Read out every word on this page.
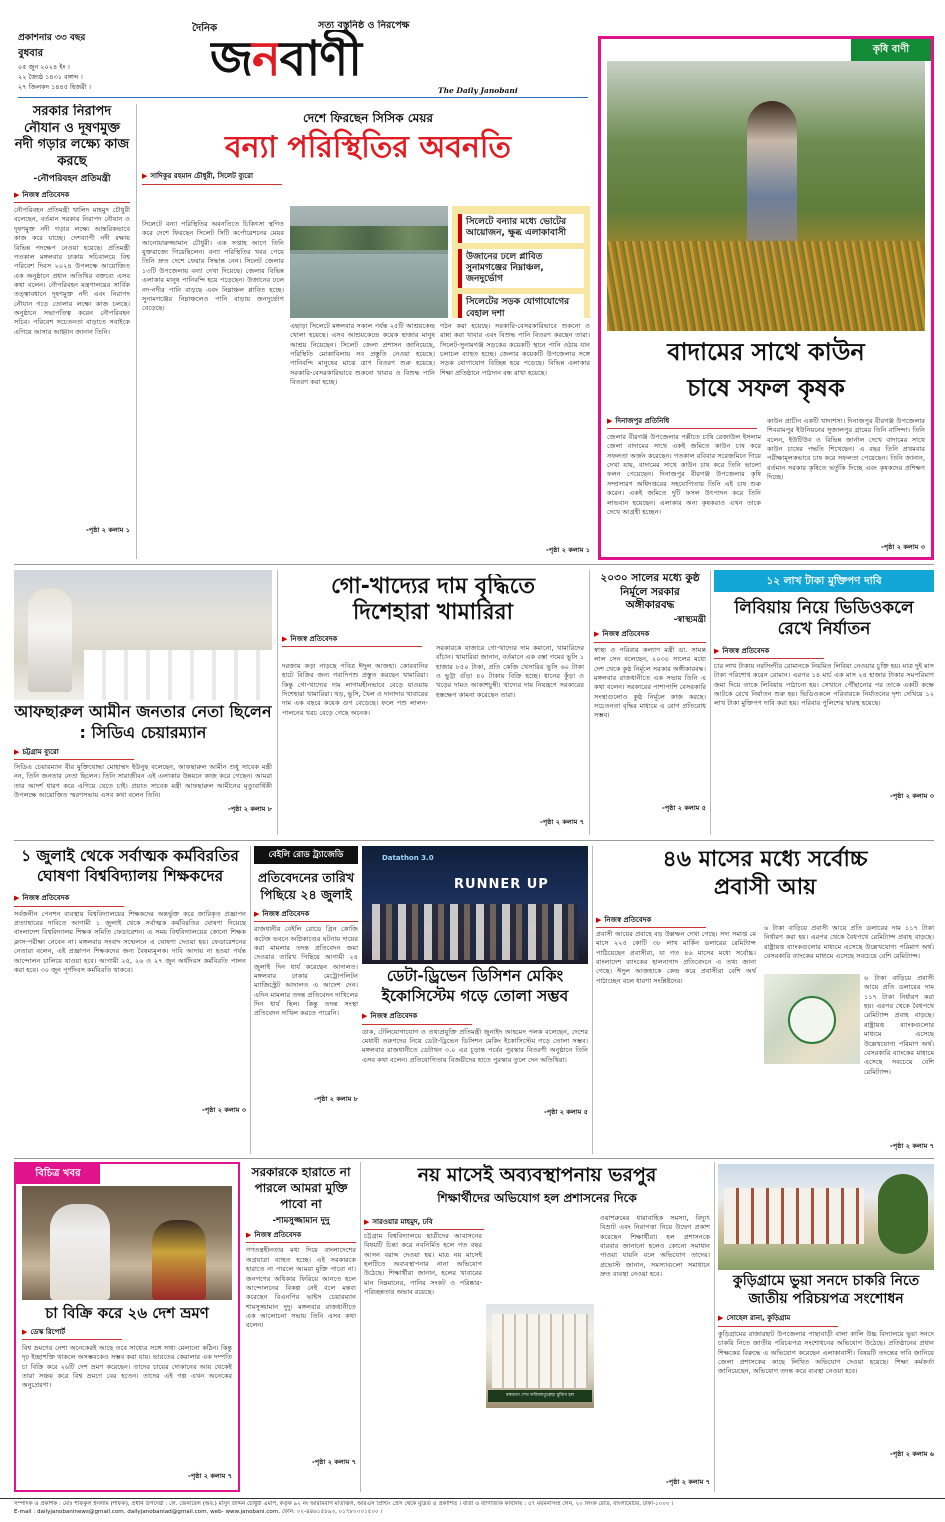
প্রকাশনার ৩৩ বছর
বুধবার
০৫ জুন ২০২৪ ইং ।
২২ জ্যৈষ্ঠ ১৪৩১ বঙ্গাব্দ ।
২৭ জিলকদ ১৪৪৫ হিজরী ।
দৈনিক	সত্য বস্তুনিষ্ঠ ও নিরপেক্ষ
জনবাণী
The Daily Janobani
সরকার নিরাপদ নৌযান ও দূষণমুক্ত নদী গড়ার লক্ষ্যে কাজ করছে
-নৌপরিবহন প্রতিমন্ত্রী
▶ নিজস্ব প্রতিবেদক
নৌপরিবহন প্রতিমন্ত্রী খালিদ মাহমুদ চৌধুরী বলেছেন, বর্তমান সরকার নিরাপদ নৌযান ও দূষণমুক্ত নদী গড়ার লক্ষ্যে আন্তরিকভাবে কাজ করে যাচ্ছে। দেশব্যাপী নদী রক্ষায় বিভিন্ন পদক্ষেপ নেওয়া হয়েছে। প্রতিমন্ত্রী গতকাল মঙ্গলবার ঢাকায় সচিবালয়ে বিশ্ব পরিবেশ দিবস ২০২৪ উপলক্ষে আয়োজিত এক অনুষ্ঠানে প্রধান অতিথির বক্তব্যে এসব কথা বলেন। নৌপরিবহন মন্ত্রণালয়ের সার্বিক তত্ত্বাবধানে দূষণমুক্ত নদী এবং নিরাপদ নৌযান গড়ে তোলার লক্ষ্যে কাজ চলছে। অনুষ্ঠানে সভাপতিত্ব করেন নৌপরিবহন সচিব। পরিবেশ সচেতনতা বাড়াতে সবাইকে এগিয়ে আসার আহ্বান জানান তিনি।
-পৃষ্ঠা ২ কলাম ১
দেশে ফিরছেন সিসিক মেয়র
বন্যা পরিস্থিতির অবনতি
▶ সাদিকুর রহমান চৌধুরী, সিলেট ব্যুরো
সিলেটে বন্যা পরিস্থিতির অবনতিতে চিকিৎসা স্থগিত করে দেশে ফিরছেন সিলেট সিটি কর্পোরেশনের মেয়র আনোয়ারুজ্জামান চৌধুরী। এক সপ্তাহ আগে তিনি যুক্তরাজ্যে গিয়েছিলেন। বন্যা পরিস্থিতির খবর পেয়ে তিনি দ্রুত দেশে ফেরার সিদ্ধান্ত নেন। সিলেট জেলার ১৩টি উপজেলায় বন্যা দেখা দিয়েছে। জেলার বিভিন্ন এলাকার মানুষ পানিবন্দি হয়ে পড়েছেন। উজানের ঢলে নদ-নদীর পানি বাড়ছে এবং নিম্নাঞ্চল প্লাবিত হচ্ছে। সুনামগঞ্জের নিম্নাঞ্চলেও পানি বাড়ায় জনদুর্ভোগ বেড়েছে।
সিলেটে বন্যার মধ্যে ভোটের আয়োজন, ক্ষুব্ধ এলাকাবাসী
উজানের ঢলে প্লাবিত সুনামগঞ্জের নিম্নাঞ্চল, জনদুর্ভোগ
সিলেটের সড়ক যোগাযোগের বেহাল দশা
এছাড়া সিলেটে মঙ্গলবার সকাল পর্যন্ত ২৫টি আশ্রয়কেন্দ্র খোলা হয়েছে। এসব আশ্রয়কেন্দ্রে কয়েক হাজার মানুষ আশ্রয় নিয়েছেন। সিলেট জেলা প্রশাসন জানিয়েছে, পরিস্থিতি মোকাবিলায় সব প্রস্তুতি নেওয়া হয়েছে। পানিবন্দি মানুষের মাঝে ত্রাণ বিতরণ শুরু হয়েছে। সরকারি-বেসরকারিভাবে শুকনো খাবার ও বিশুদ্ধ পানি বিতরণ করা হচ্ছে।
গঠন করা হয়েছে। সরকারি-বেসরকারিভাবে শুকনো ও রান্না করা খাবার এবং বিশুদ্ধ পানি বিতরণ করছেন তারা। সিলেট-সুনামগঞ্জ সড়কের কয়েকটি স্থানে পানি ওঠায় যান চলাচল ব্যাহত হচ্ছে। জেলার কয়েকটি উপজেলার সঙ্গে সড়ক যোগাযোগ বিচ্ছিন্ন হয়ে পড়েছে। বিভিন্ন এলাকার শিক্ষা প্রতিষ্ঠানে পাঠদান বন্ধ রাখা হয়েছে।
-পৃষ্ঠা ২ কলাম ১
কৃষি বাণী
বাদামের সাথে কাউন
চাষে সফল কৃষক
▶ দিনাজপুর প্রতিনিধি
জেলার বীরগঞ্জ উপজেলার পল্লীতে চাষি রেজাউল ইসলাম জেলা বাদামের সাথে একই জমিতে কাউন চাষ করে সফলতা অর্জন করেছেন। গতকাল রবিবার সরেজমিনে গিয়ে দেখা যায়, বাদামের সাথে কাউন চাষ করে তিনি ভালো ফলন পেয়েছেন। দিনাজপুর বীরগঞ্জ উপজেলার কৃষি সম্প্রসারণ অধিদপ্তরের সহযোগিতায় তিনি এই চাষ শুরু করেন। একই জমিতে দুটি ফসল উৎপাদন করে তিনি লাভবান হয়েছেন। এলাকার অন্য কৃষকরাও এখন তাকে দেখে আগ্রহী হচ্ছেন।
কাউন প্রাচীন একটি খাদ্যশস্য। দিনাজপুর বীরগঞ্জ উপজেলার শিবরামপুর ইউনিয়নের সুজালপুর গ্রামের তিনি বাসিন্দা। তিনি বলেন, ইউটিউব ও বিভিন্ন জার্নাল দেখে বাদামের সাথে কাউন চাষের পদ্ধতি শিখেছেন। এ বছর তিনি প্রথমবার পরীক্ষামূলকভাবে চাষ করে সফলতা পেয়েছেন। তিনি জানান, বর্তমান সরকার কৃষিতে ভর্তুকি দিচ্ছে এবং কৃষকদের প্রশিক্ষণ দিচ্ছে।
-পৃষ্ঠা ২ কলাম ৩
আফছারুল আমীন জনতার নেতা ছিলেন : সিডিএ চেয়ারম্যান
▶ চট্টগ্রাম ব্যুরো
সিডিএ চেয়ারম্যান বীর মুক্তিযোদ্ধা মোহাম্মদ ইউনুছ বলেছেন, আফছারুল আমীন শুধু সাবেক মন্ত্রী নন, তিনি জনতার নেতা ছিলেন। তিনি সারাজীবন এই এলাকার উন্নয়নে কাজ করে গেছেন। আমরা তার আদর্শ ধারণ করে এগিয়ে যেতে চাই। প্রয়াত সাবেক মন্ত্রী আফছারুল আমীনের মৃত্যুবার্ষিকী উপলক্ষে আয়োজিত স্মরণসভায় এসব কথা বলেন তিনি।
-পৃষ্ঠা ২ কলাম ৮
গো-খাদ্যের দাম বৃদ্ধিতে
দিশেহারা খামারিরা
▶ নিজস্ব প্রতিবেদক
দরজায় কড়া নাড়ছে পবিত্র ঈদুল আজহা। কোরবানির হাটে বিক্রির জন্য গবাদিপশু প্রস্তুত করছেন খামারিরা। কিন্তু গো-খাদ্যের দাম লাগামহীনভাবে বেড়ে যাওয়ায় দিশেহারা খামারিরা। খড়, ভুসি, খৈল ও দানাদার খাবারের দাম এক বছরে কয়েক গুণ বেড়েছে। ফলে পশু লালন-পালনের খরচ বেড়ে গেছে অনেক।
সরকারকে বাজারে গো-খাদ্যের দাম কমানো, খামারিদের বাঁচান। খামারিরা জানান, বর্তমানে এক বস্তা গমের ভুসি ১ হাজার ৮৫০ টাকা, প্রতি কেজি খেসারির ভুসি ৬০ টাকা ও ভুট্টা গুঁড়া ৪০ টাকায় বিক্রি হচ্ছে। ধানের কুঁড়া ও খড়ের দামও আকাশচুম্বী। খাদ্যের দাম নিয়ন্ত্রণে সরকারের হস্তক্ষেপ কামনা করেছেন তারা।
-পৃষ্ঠা ২ কলাম ৭
২০৩০ সালের মধ্যে কুষ্ঠ নির্মূলে সরকার অঙ্গীকারবদ্ধ
-স্বাস্থ্যমন্ত্রী
▶ নিজস্ব প্রতিবেদক
স্বাস্থ্য ও পরিবার কল্যাণ মন্ত্রী ডা. সামন্ত লাল সেন বলেছেন, ২০৩০ সালের মধ্যে দেশ থেকে কুষ্ঠ নির্মূলে সরকার অঙ্গীকারবদ্ধ। মঙ্গলবার রাজধানীতে এক সভায় তিনি এ কথা বলেন। সরকারের পাশাপাশি বেসরকারি সংস্থাগুলোও কুষ্ঠ নির্মূলে কাজ করছে। সচেতনতা বৃদ্ধির মাধ্যমে এ রোগ প্রতিরোধ সম্ভব।
-পৃষ্ঠা ২ কলাম ৫
১২ লাখ টাকা মুক্তিপণ দাবি
লিবিয়ায় নিয়ে ভিডিওকলে
রেখে নির্যাতন
▶ নিজস্ব প্রতিবেদক
চার লাখ টাকায় নরসিংদীর রোমানকে নিয়মিত লিবিয়া নেওয়ার চুক্তি হয়। মাত্র দুই মাস টাকা পরিশোধ করেন রোমান। এরপর ১৪ মার্চ এক মাস ২৪ হাজার টাকার সমপরিমাণ জমা দিয়ে তাকে লিবিয়ায় পাঠানো হয়। সেখানে পৌঁছানোর পর তাকে একটি কক্ষে আটকে রেখে নির্যাতন শুরু হয়। ভিডিওকলে পরিবারকে নির্যাতনের দৃশ্য দেখিয়ে ১২ লাখ টাকা মুক্তিপণ দাবি করা হয়। পরিবার পুলিশের দ্বারস্থ হয়েছে।
-পৃষ্ঠা ২ কলাম ৩
১ জুলাই থেকে সর্বাত্মক কর্মবিরতির
ঘোষণা বিশ্ববিদ্যালয় শিক্ষকদের
▶ নিজস্ব প্রতিবেদক
সর্বজনীন পেনশন ব্যবস্থায় বিশ্ববিদ্যালয়ের শিক্ষকদের অন্তর্ভুক্ত করে জারিকৃত প্রজ্ঞাপন প্রত্যাহারের দাবিতে আগামী ১ জুলাই থেকে সর্বাত্মক কর্মবিরতির ঘোষণা দিয়েছে বাংলাদেশ বিশ্ববিদ্যালয় শিক্ষক সমিতি ফেডারেশন। এ সময় বিশ্ববিদ্যালয়ের কোনো শিক্ষক ক্লাস-পরীক্ষা নেবেন না। মঙ্গলবার সংবাদ সম্মেলনে এ ঘোষণা দেওয়া হয়। ফেডারেশনের নেতারা বলেন, এই প্রজ্ঞাপন শিক্ষকদের জন্য বৈষম্যমূলক। দাবি আদায় না হওয়া পর্যন্ত আন্দোলন চালিয়ে যাওয়া হবে। আগামী ২৫, ২৬ ও ২৭ জুন অর্ধদিবস কর্মবিরতি পালন করা হবে। ৩০ জুন পূর্ণদিবস কর্মবিরতি থাকবে।
-পৃষ্ঠা ২ কলাম ৩
বেইলি রোড ট্র্যাজেডি
প্রতিবেদনের তারিখ পিছিয়ে ২৪ জুলাই
▶ নিজস্ব প্রতিবেদক
রাজধানীর বেইলি রোডে গ্রিন কোজি কটেজ ভবনে অগ্নিকাণ্ডের ঘটনায় দায়ের করা মামলার তদন্ত প্রতিবেদন জমা দেওয়ার তারিখ পিছিয়ে আগামী ২৪ জুলাই দিন ধার্য করেছেন আদালত। মঙ্গলবার ঢাকার মেট্রোপলিটন ম্যাজিস্ট্রেট আদালত এ আদেশ দেন। এদিন মামলার তদন্ত প্রতিবেদন দাখিলের দিন ধার্য ছিল। কিন্তু তদন্ত সংস্থা প্রতিবেদন দাখিল করতে পারেনি।
-পৃষ্ঠা ২ কলাম ৮
Datathon 3.0
RUNNER UP
ডেটা-ড্রিভেন ডিসিশন মেকিং
ইকোসিস্টেম গড়ে তোলা সম্ভব
▶ নিজস্ব প্রতিবেদক
ডাক, টেলিযোগাযোগ ও তথ্যপ্রযুক্তি প্রতিমন্ত্রী জুনাইদ আহমেদ পলক বলেছেন, দেশের মেধাবী তরুণদের নিয়ে ডেটা-ড্রিভেন ডিসিশন মেকিং ইকোসিস্টেম গড়ে তোলা সম্ভব। মঙ্গলবার রাজধানীতে ডেটাথন ৩.০ এর চূড়ান্ত পর্বের পুরস্কার বিতরণী অনুষ্ঠানে তিনি এসব কথা বলেন। প্রতিযোগিতায় বিজয়ীদের হাতে পুরস্কার তুলে দেন অতিথিরা।
-পৃষ্ঠা ২ কলাম ৫
৪৬ মাসের মধ্যে সর্বোচ্চ
প্রবাসী আয়
▶ নিজস্ব প্রতিবেদক
প্রবাসী আয়ের প্রবাহে বড় উল্লম্ফন দেখা গেছে। সদ্য সমাপ্ত মে মাসে ২২৫ কোটি ৩৮ লাখ মার্কিন ডলারের রেমিট্যান্স পাঠিয়েছেন প্রবাসীরা, যা গত ৪৬ মাসের মধ্যে সর্বোচ্চ। বাংলাদেশ ব্যাংকের হালনাগাদ প্রতিবেদনে এ তথ্য জানা গেছে। ঈদুল আজহাকে কেন্দ্র করে প্রবাসীরা বেশি অর্থ পাঠাচ্ছেন বলে ধারণা সংশ্লিষ্টদের।
৬ টাকা বাড়িয়ে প্রবাসী আয়ে প্রতি ডলারের দাম ১১৭ টাকা নির্ধারণ করা হয়। এরপর থেকে বৈধপথে রেমিট্যান্স প্রবাহ বাড়ছে। রাষ্ট্রায়ত্ত ব্যাংকগুলোর মাধ্যমে এসেছে উল্লেখযোগ্য পরিমাণ অর্থ। বেসরকারি ব্যাংকের মাধ্যমে এসেছে সবচেয়ে বেশি রেমিট্যান্স।
৬ টাকা বাড়িয়ে প্রবাসী আয়ে প্রতি ডলারের দাম ১১৭ টাকা নির্ধারণ করা হয়। এরপর থেকে বৈধপথে রেমিট্যান্স প্রবাহ বাড়ছে। রাষ্ট্রায়ত্ত ব্যাংকগুলোর মাধ্যমে এসেছে উল্লেখযোগ্য পরিমাণ অর্থ। বেসরকারি ব্যাংকের মাধ্যমে এসেছে সবচেয়ে বেশি রেমিট্যান্স।
-পৃষ্ঠা ২ কলাম ৭
বিচিত্র খবর
চা বিক্রি করে ২৬ দেশ ভ্রমণ
▶ ডেস্ক রিপোর্ট
বিশ্ব ভ্রমণের নেশা অনেকেরই আছে তবে সাধ্যের সঙ্গে সাধ্য মেলানো কঠিন। কিন্তু দৃঢ় ইচ্ছাশক্তি থাকলে অসম্ভবকেও সম্ভব করা যায়। ভারতের কেরালার এক দম্পতি চা বিক্রি করে ২৬টি দেশ ভ্রমণ করেছেন। তাদের চায়ের দোকানের আয় থেকেই তারা সঞ্চয় করে বিশ্ব ভ্রমণে বের হতেন। তাদের এই গল্প এখন অনেকের অনুপ্রেরণা।
-পৃষ্ঠা ২ কলাম ৭
সরকারকে হারাতে না পারলে আমরা মুক্তি পাবো না
-শামসুজ্জামান দুদু
▶ নিজস্ব প্রতিবেদক
গণতন্ত্রহীনতার মধ্য দিয়ে বাংলাদেশের অগ্রযাত্রা ব্যাহত হচ্ছে। এই সরকারকে হারাতে না পারলে আমরা মুক্তি পাবো না। জনগণের অধিকার ফিরিয়ে আনতে হলে আন্দোলনের বিকল্প নেই বলে মন্তব্য করেছেন বিএনপির ভাইস চেয়ারম্যান শামসুজ্জামান দুদু। মঙ্গলবার রাজধানীতে এক আলোচনা সভায় তিনি এসব কথা বলেন।
-পৃষ্ঠা ২ কলাম ৭
নয় মাসেই অব্যবস্থাপনায় ভরপুর
শিক্ষার্থীদের অভিযোগ হল প্রশাসনের দিকে
▶ সারওয়ার মাহমুদ, ঢবি
চট্টগ্রাম বিশ্ববিদ্যালয়ে ছাত্রীদের আবাসনের বিষয়টি চিন্তা করে নবনির্মিত হলে গত বছর আসন বরাদ্দ দেওয়া হয়। মাত্র নয় মাসেই হলটিতে অব্যবস্থাপনার নানা অভিযোগ উঠেছে। শিক্ষার্থীরা জানান, হলের খাবারের মান নিম্নমানের, পানির সংকট ও পরিষ্কার-পরিচ্ছন্নতার অভাব রয়েছে।
বঙ্গমাতা শেখ ফজিলাতুন্নেছা মুজিব হল
ওয়াশরুমের ধারাবাহিক সমস্যা, বিদ্যুৎ বিভ্রাট এবং নিরাপত্তা নিয়ে উদ্বেগ প্রকাশ করেছেন শিক্ষার্থীরা। হল প্রশাসনকে বারবার জানানো হলেও কোনো সমাধান পাওয়া যায়নি বলে অভিযোগ তাদের। প্রভোস্ট জানান, সমস্যাগুলো সমাধানে দ্রুত ব্যবস্থা নেওয়া হবে।
-পৃষ্ঠা ২ কলাম ৭
কুড়িগ্রামে ভুয়া সনদে চাকরি নিতে
জাতীয় পরিচয়পত্র সংশোধন
▶ সোহেল রানা, কুড়িগ্রাম
কুড়িগ্রামের রাজারহাট উপজেলার পাছাবাড়ী বালা কালি উচ্চ বিদ্যালয়ে ভুয়া সনদে চাকরি নিতে জাতীয় পরিচয়পত্র সংশোধনের অভিযোগ উঠেছে। প্রতিষ্ঠানের প্রধান শিক্ষকের বিরুদ্ধে এ অভিযোগ করেছেন এলাকাবাসী। বিষয়টি তদন্তের দাবি জানিয়ে জেলা প্রশাসকের কাছে লিখিত অভিযোগ দেওয়া হয়েছে। শিক্ষা কর্মকর্তা জানিয়েছেন, অভিযোগ তদন্ত করে ব্যবস্থা নেওয়া হবে।
-পৃষ্ঠা ২ কলাম ৬
সম্পাদক ও প্রকাশক : মোঃ শফিকুল ইসলাম (শফিক), প্রধান উপদেষ্টা : লে. জেনারেল (অব.) মাসুদ উদ্দিন চৌধুরী এমপি, কর্তৃক ৯২ নং আরামবাগ মতিঝিল, আরএস প্রিন্টিং প্রেস থেকে মুদ্রিত ও প্রকাশিত । বার্তা ও বাণিজ্যিক কার্যালয় : ৫৭ ময়মনসিংহ লেন, ২০ লিংক রোড, বাংলামোটর, ঢাকা-১০০০ ।
E-mail : dailyjanobaninews@gmail.com, dailyjanobaniad@gmail.com, web- www.janobani.com, ফোন: ০২-৪৪৬১৫৮৯৩, ০১৭৮০০০১৫০০ ।
